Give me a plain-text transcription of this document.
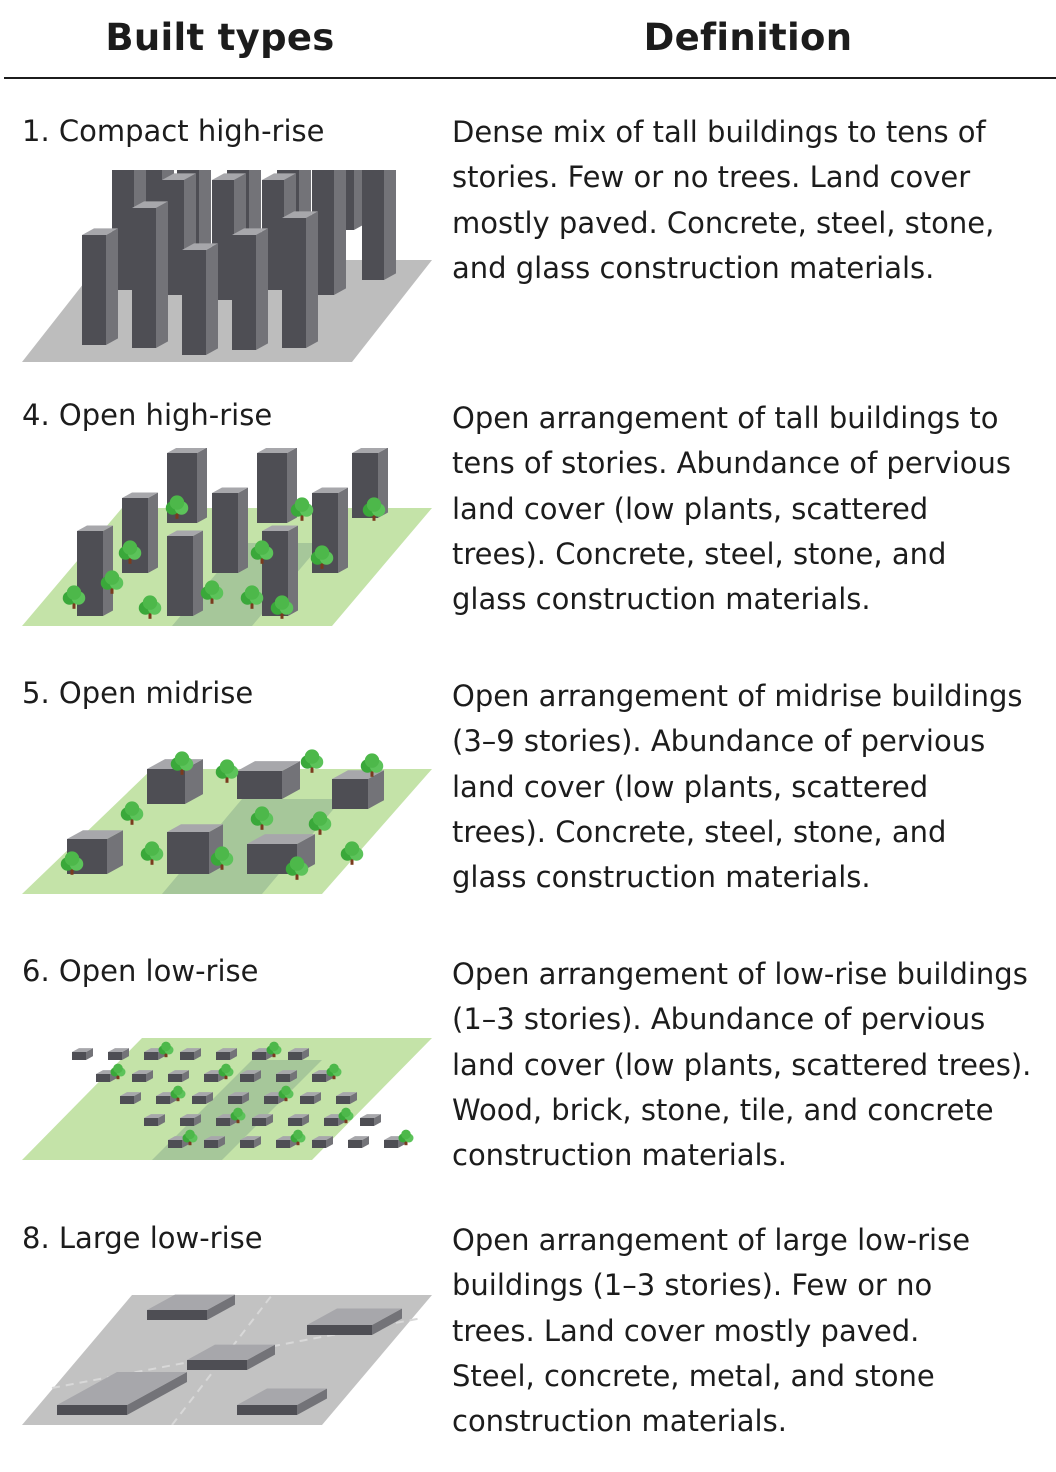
Built types	Definition
1. Compact high-rise	Dense mix of tall buildings to tens of
stories. Few or no trees. Land cover
mostly paved. Concrete, steel, stone,
and glass construction materials.
4. Open high-rise	Open arrangement of tall buildings to
tens of stories. Abundance of pervious
land cover (low plants, scattered
trees). Concrete, steel, stone, and
glass construction materials.
5. Open midrise	Open arrangement of midrise buildings
(3–9 stories). Abundance of pervious
land cover (low plants, scattered
trees). Concrete, steel, stone, and
glass construction materials.
6. Open low-rise	Open arrangement of low-rise buildings
(1–3 stories). Abundance of pervious
land cover (low plants, scattered trees).
Wood, brick, stone, tile, and concrete
construction materials.
8. Large low-rise	Open arrangement of large low-rise
buildings (1–3 stories). Few or no
trees. Land cover mostly paved.
Steel, concrete, metal, and stone
construction materials.
